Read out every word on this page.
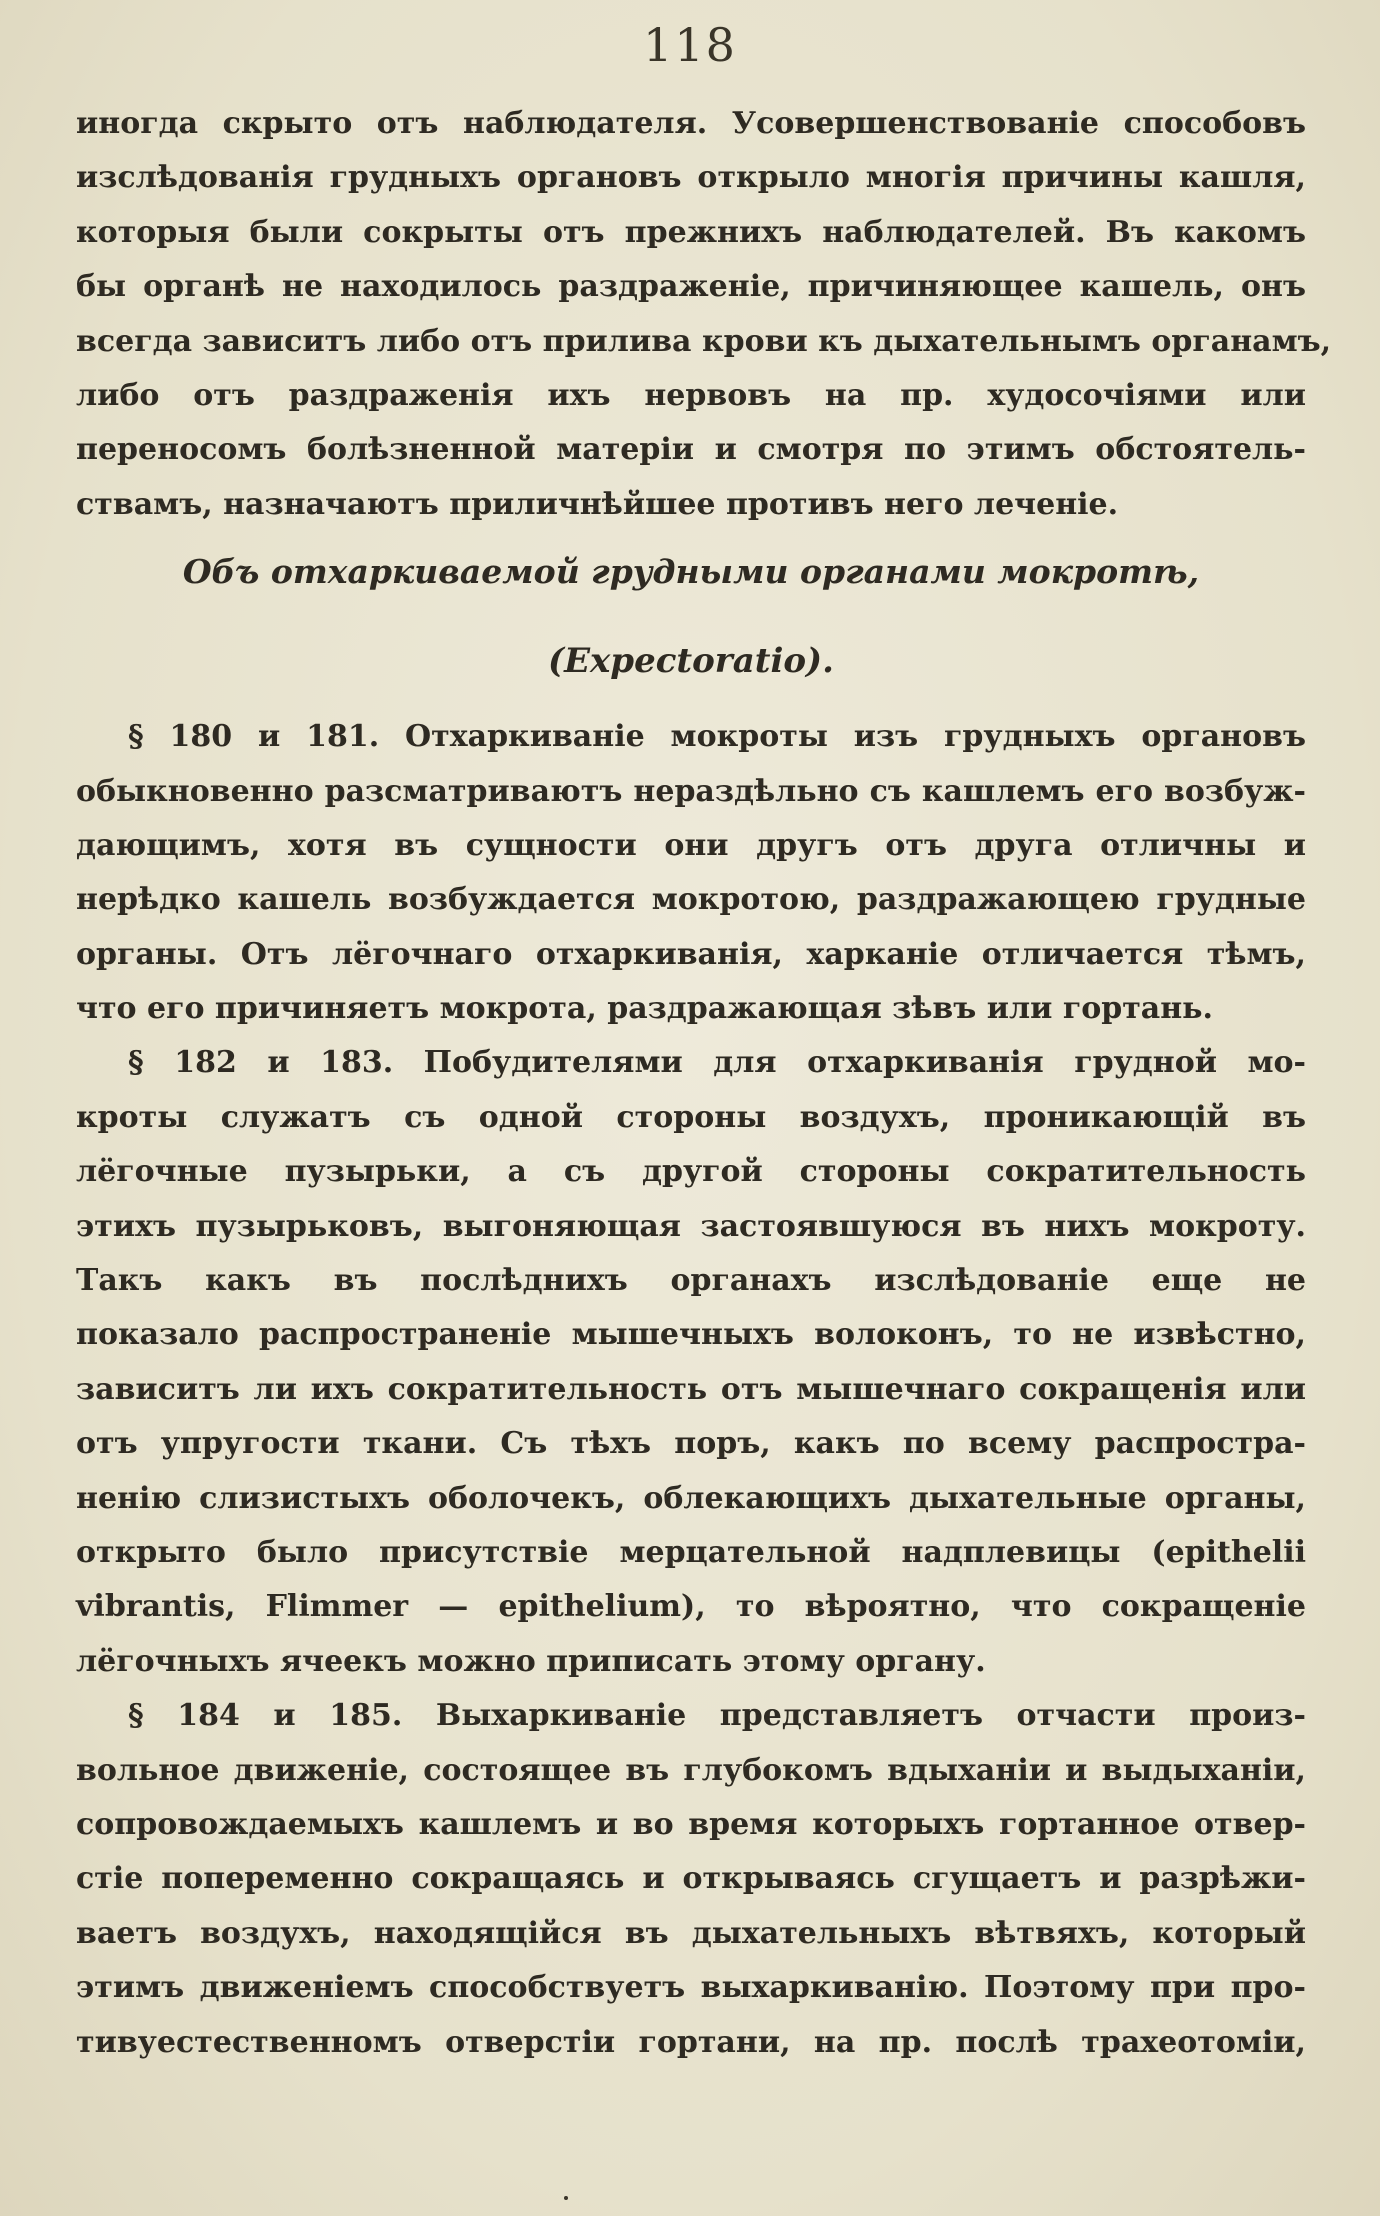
118
иногда скрыто отъ наблюдателя. Усовершенствованіе способовъ
изслѣдованія грудныхъ органовъ открыло многія причины кашля,
которыя были сокрыты отъ прежнихъ наблюдателей. Въ какомъ
бы органѣ не находилось раздраженіе, причиняющее кашель, онъ
всегда зависитъ либо отъ прилива крови къ дыхательнымъ органамъ,
либо отъ раздраженія ихъ нервовъ на пр. худосочіями или
переносомъ болѣзненной матеріи и смотря по этимъ обстоятель-
ствамъ, назначаютъ приличнѣйшее противъ него леченіе.
Объ отхаркиваемой грудными органами мокротѣ,
(Expectoratio).
§ 180 и 181. Отхаркиваніе мокроты изъ грудныхъ органовъ
обыкновенно разсматриваютъ нераздѣльно съ кашлемъ его возбуж-
дающимъ, хотя въ сущности они другъ отъ друга отличны и
нерѣдко кашель возбуждается мокротою, раздражающею грудные
органы. Отъ лёгочнаго отхаркиванія, харканіе отличается тѣмъ,
что его причиняетъ мокрота, раздражающая зѣвъ или гортань.
§ 182 и 183. Побудителями для отхаркиванія грудной мо-
кроты служатъ съ одной стороны воздухъ, проникающій въ
лёгочные пузырьки, а съ другой стороны сократительность
этихъ пузырьковъ, выгоняющая застоявшуюся въ нихъ мокроту.
Такъ какъ въ послѣднихъ органахъ изслѣдованіе еще не
показало распространеніе мышечныхъ волоконъ, то не извѣстно,
зависитъ ли ихъ сократительность отъ мышечнаго сокращенія или
отъ упругости ткани. Съ тѣхъ поръ, какъ по всему распростра-
ненію слизистыхъ оболочекъ, облекающихъ дыхательные органы,
открыто было присутствіе мерцательной надплевицы (epithelii
vibrantis, Flimmer — epithelium), то вѣроятно, что сокращеніе
лёгочныхъ ячеекъ можно приписать этому органу.
§ 184 и 185. Выхаркиваніе представляетъ отчасти произ-
вольное движеніе, состоящее въ глубокомъ вдыханіи и выдыханіи,
сопровождаемыхъ кашлемъ и во время которыхъ гортанное отвер-
стіе попеременно сокращаясь и открываясь сгущаетъ и разрѣжи-
ваетъ воздухъ, находящійся въ дыхательныхъ вѣтвяхъ, который
этимъ движеніемъ способствуетъ выхаркиванію. Поэтому при про-
тивуестественномъ отверстіи гортани, на пр. послѣ трахеотоміи,
